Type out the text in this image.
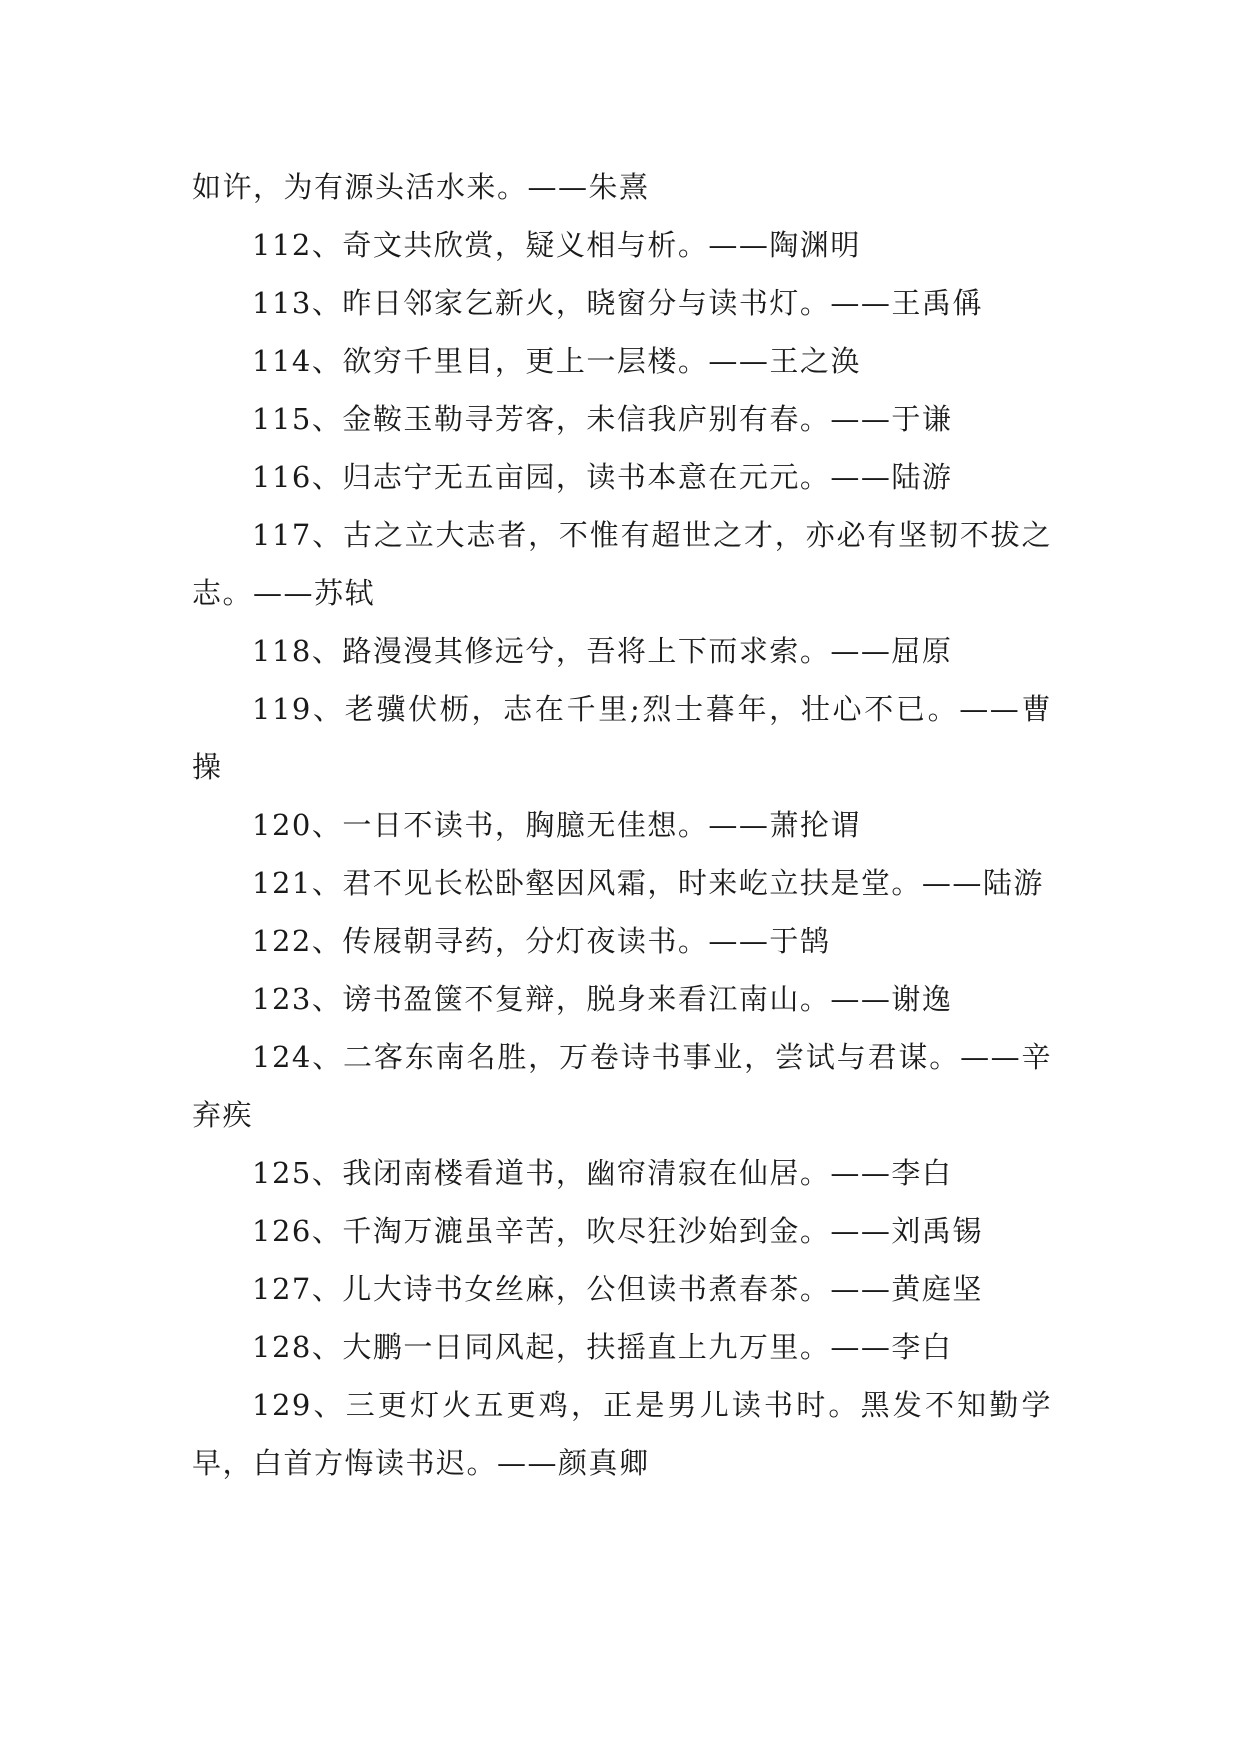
如许，为有源头活水来。——朱熹

112、奇文共欣赏，疑义相与析。——陶渊明

113、昨日邻家乞新火，晓窗分与读书灯。——王禹偁

114、欲穷千里目，更上一层楼。——王之涣

115、金鞍玉勒寻芳客，未信我庐别有春。——于谦

116、归志宁无五亩园，读书本意在元元。——陆游

117、古之立大志者，不惟有超世之才，亦必有坚韧不拔之志。——苏轼

118、路漫漫其修远兮，吾将上下而求索。——屈原

119、老骥伏枥，志在千里;烈士暮年，壮心不已。——曹操

120、一日不读书，胸臆无佳想。——萧抡谓

121、君不见长松卧壑因风霜，时来屹立扶是堂。——陆游

122、传屐朝寻药，分灯夜读书。——于鹄

123、谤书盈箧不复辩，脱身来看江南山。——谢逸

124、二客东南名胜，万卷诗书事业，尝试与君谋。——辛弃疾

125、我闭南楼看道书，幽帘清寂在仙居。——李白

126、千淘万漉虽辛苦，吹尽狂沙始到金。——刘禹锡

127、儿大诗书女丝麻，公但读书煮春茶。——黄庭坚

128、大鹏一日同风起，扶摇直上九万里。——李白

129、三更灯火五更鸡，正是男儿读书时。黑发不知勤学早，白首方悔读书迟。——颜真卿
